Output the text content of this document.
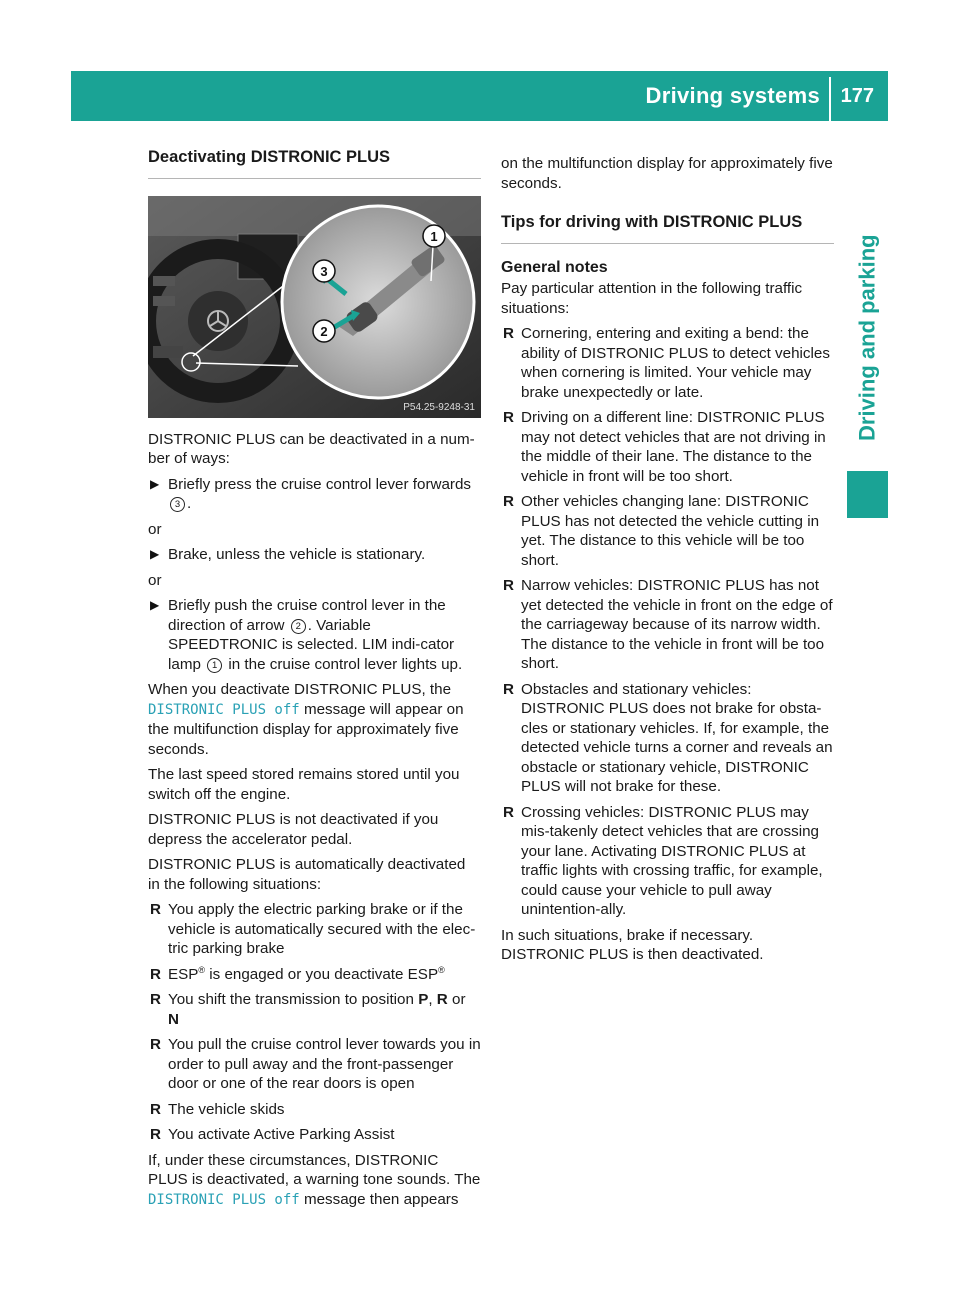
Driving systems 177
Driving and parking
Deactivating DISTRONIC PLUS
1
2
3
P54.25-9248-31

DISTRONIC PLUS can be deactivated in a num-ber of ways:

▶ Briefly press the cruise control lever forwards 3 .

or

▶ Brake, unless the vehicle is stationary.

or

▶ Briefly push the cruise control lever in the direction of arrow 2 . Variable SPEEDTRONIC is selected. LIM indi-cator lamp 1 in the cruise control lever lights up.

When you deactivate DISTRONIC PLUS, the
DISTRONIC PLUS off message will appear on the multifunction display for approximately five seconds.

The last speed stored remains stored until you switch off the engine.

DISTRONIC PLUS is not deactivated if you depress the accelerator pedal.

DISTRONIC PLUS is automatically deactivated in the following situations:

R You apply the electric parking brake or if the vehicle is automatically secured with the elec-tric parking brake
R ESP® is engaged or you deactivate ESP®
R You shift the transmission to position P, R or
N
R You pull the cruise control lever towards you in order to pull away and the front-passenger door or one of the rear doors is open
R The vehicle skids
R You activate Active Parking Assist

If, under these circumstances, DISTRONIC PLUS is deactivated, a warning tone sounds. The
DISTRONIC PLUS off message then appears

on the multifunction display for approximately five seconds.

Tips for driving with DISTRONIC PLUS
General notes

Pay particular attention in the following traffic situations:

R Cornering, entering and exiting a bend: the ability of DISTRONIC PLUS to detect vehicles when cornering is limited. Your vehicle may brake unexpectedly or late.
R Driving on a different line: DISTRONIC PLUS may not detect vehicles that are not driving in the middle of their lane. The distance to the vehicle in front will be too short.
R Other vehicles changing lane: DISTRONIC PLUS has not detected the vehicle cutting in yet. The distance to this vehicle will be too short.
R Narrow vehicles: DISTRONIC PLUS has not yet detected the vehicle in front on the edge of the carriageway because of its narrow width. The distance to the vehicle in front will be too short.
R Obstacles and stationary vehicles: DISTRONIC PLUS does not brake for obsta-cles or stationary vehicles. If, for example, the detected vehicle turns a corner and reveals an obstacle or stationary vehicle, DISTRONIC PLUS will not brake for these.
R Crossing vehicles: DISTRONIC PLUS may mis-takenly detect vehicles that are crossing your lane. Activating DISTRONIC PLUS at traffic lights with crossing traffic, for example, could cause your vehicle to pull away unintention-ally.

In such situations, brake if necessary.

DISTRONIC PLUS is then deactivated.
